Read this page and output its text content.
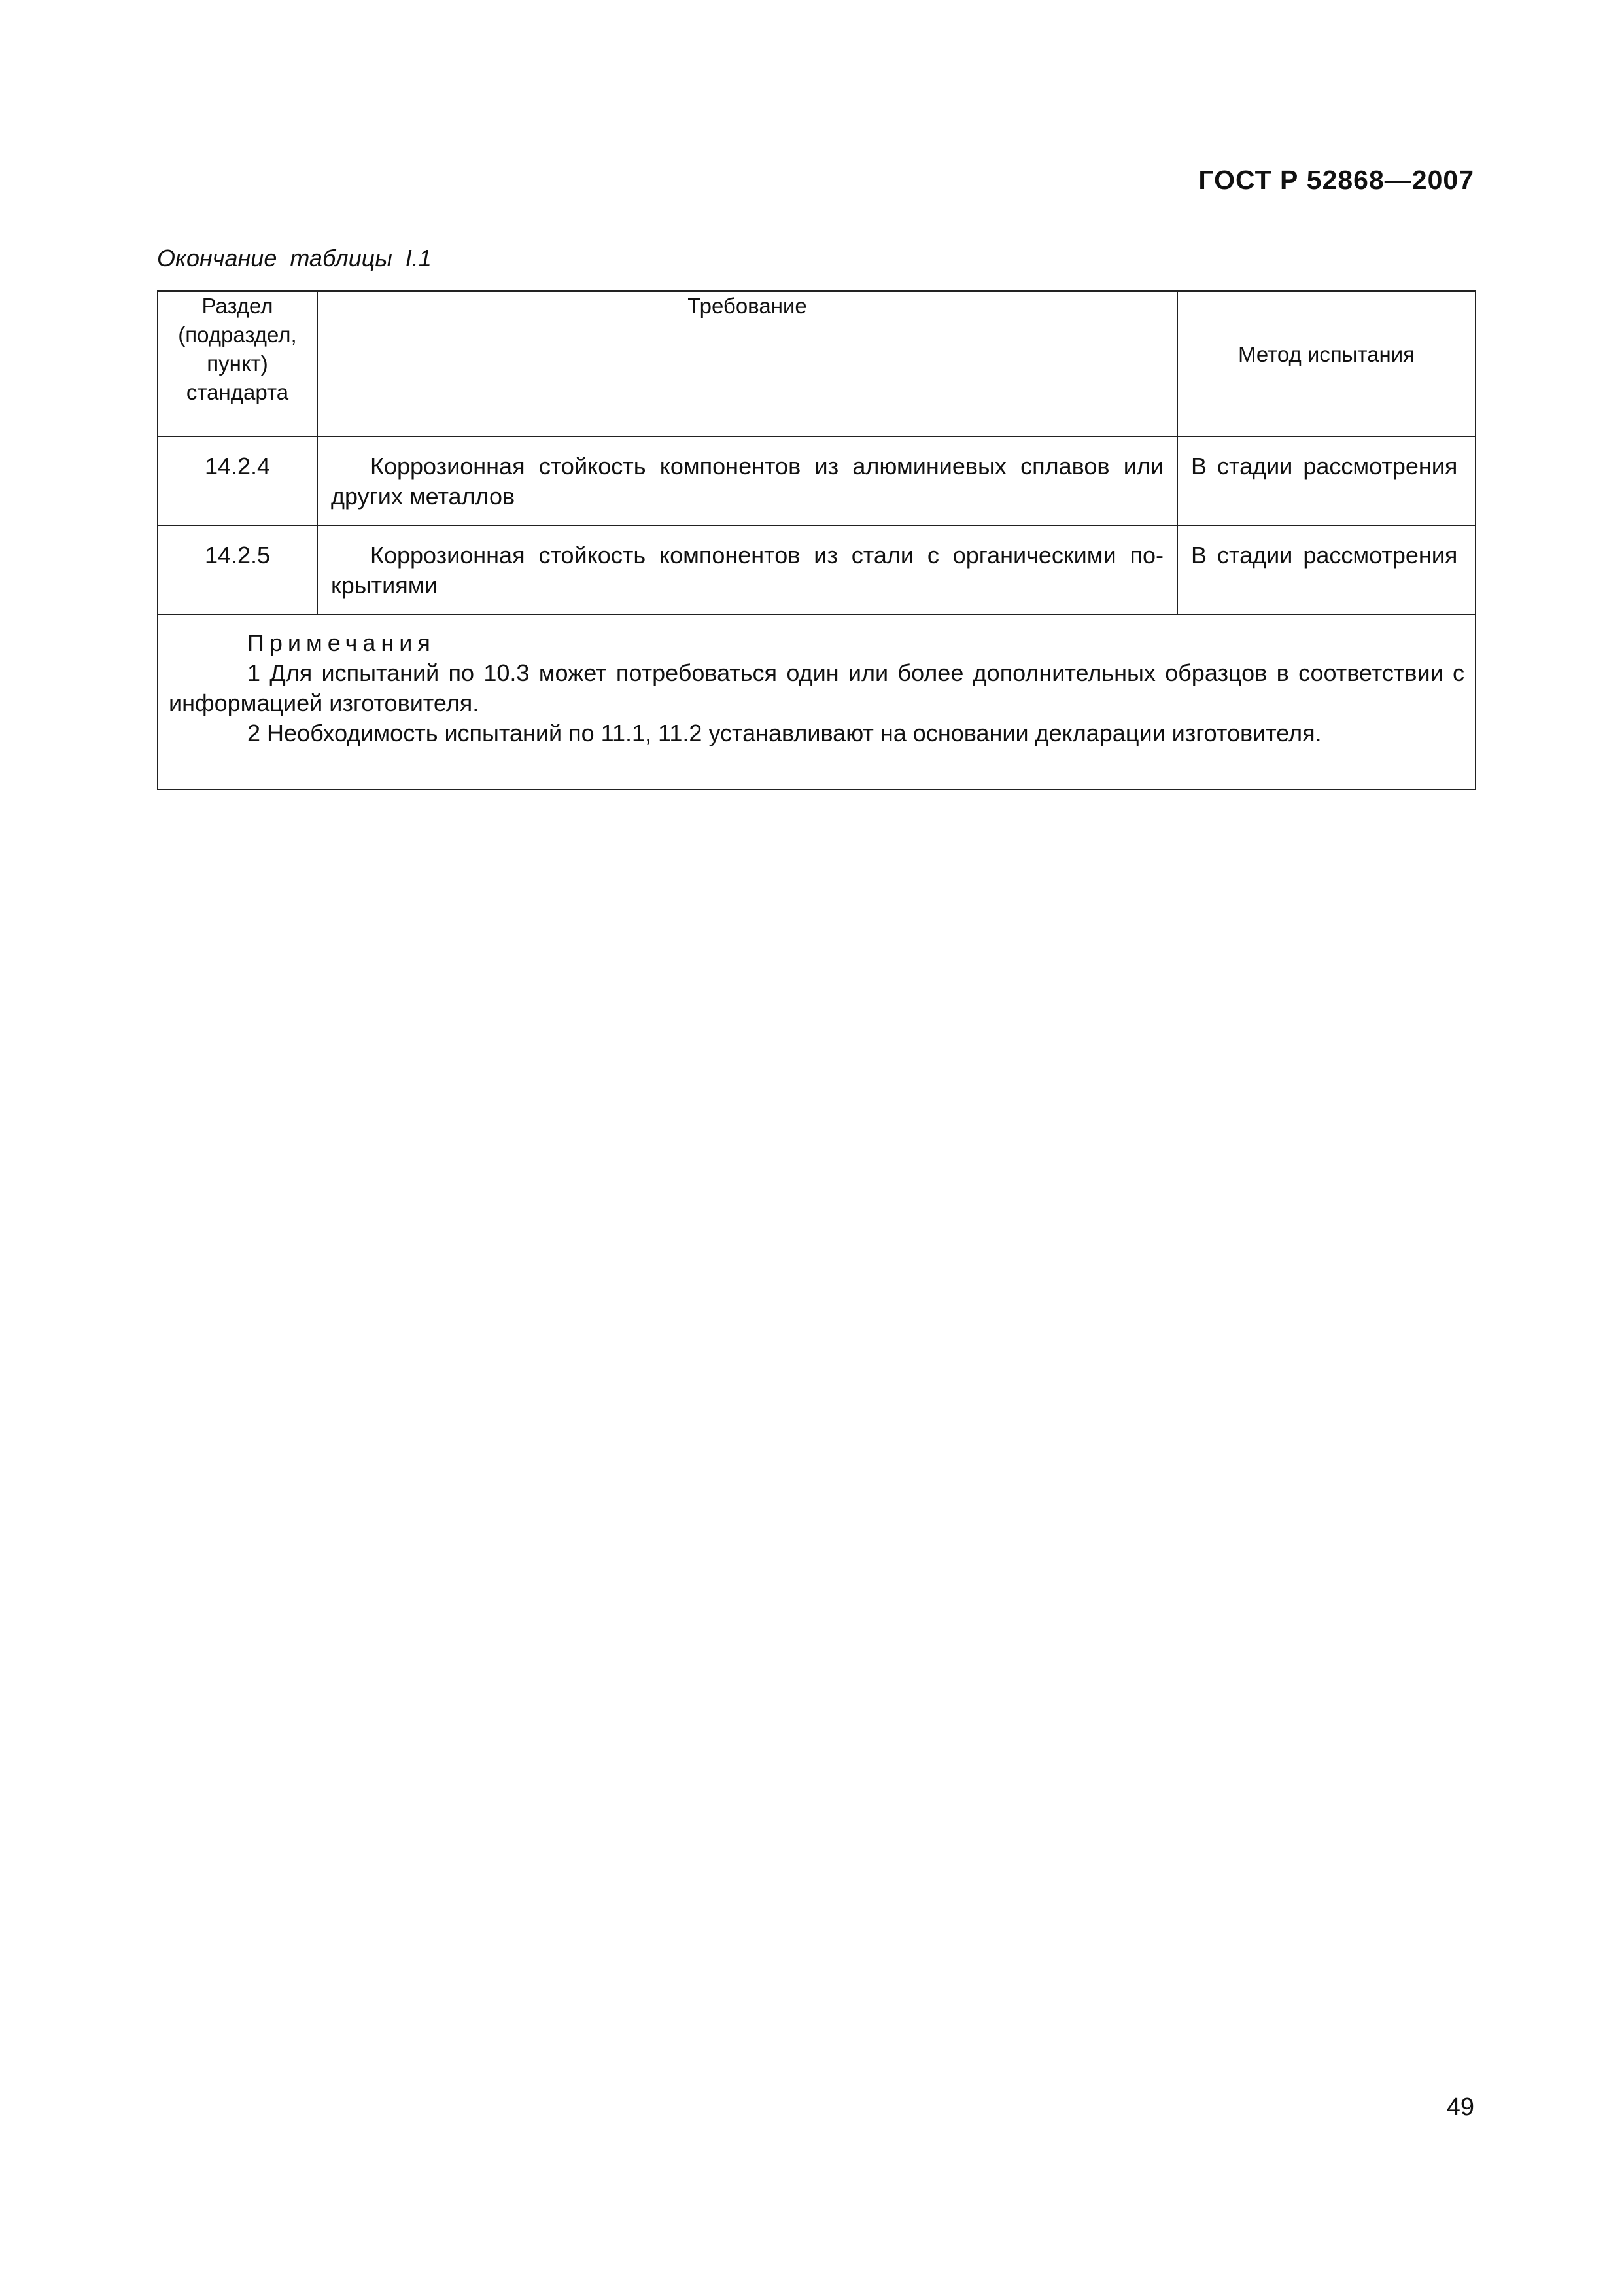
ГОСТ Р 52868—2007
Окончание таблицы I.1
Раздел
(подраздел,
пункт)
стандарта	Требование	Метод испытания
14.2.4	Коррозионная стойкость компонентов из алюминиевых сплавов или других металлов	В стадии рассмотрения
14.2.5	Коррозионная стойкость компонентов из стали с органическими по-крытиями	В стадии рассмотрения

Примечания
1 Для испытаний по 10.3 может потребоваться один или более дополнительных образцов в соответствии с информацией изготовителя.
2 Необходимость испытаний по 11.1, 11.2 устанавливают на основании декларации изготовителя.		
49
